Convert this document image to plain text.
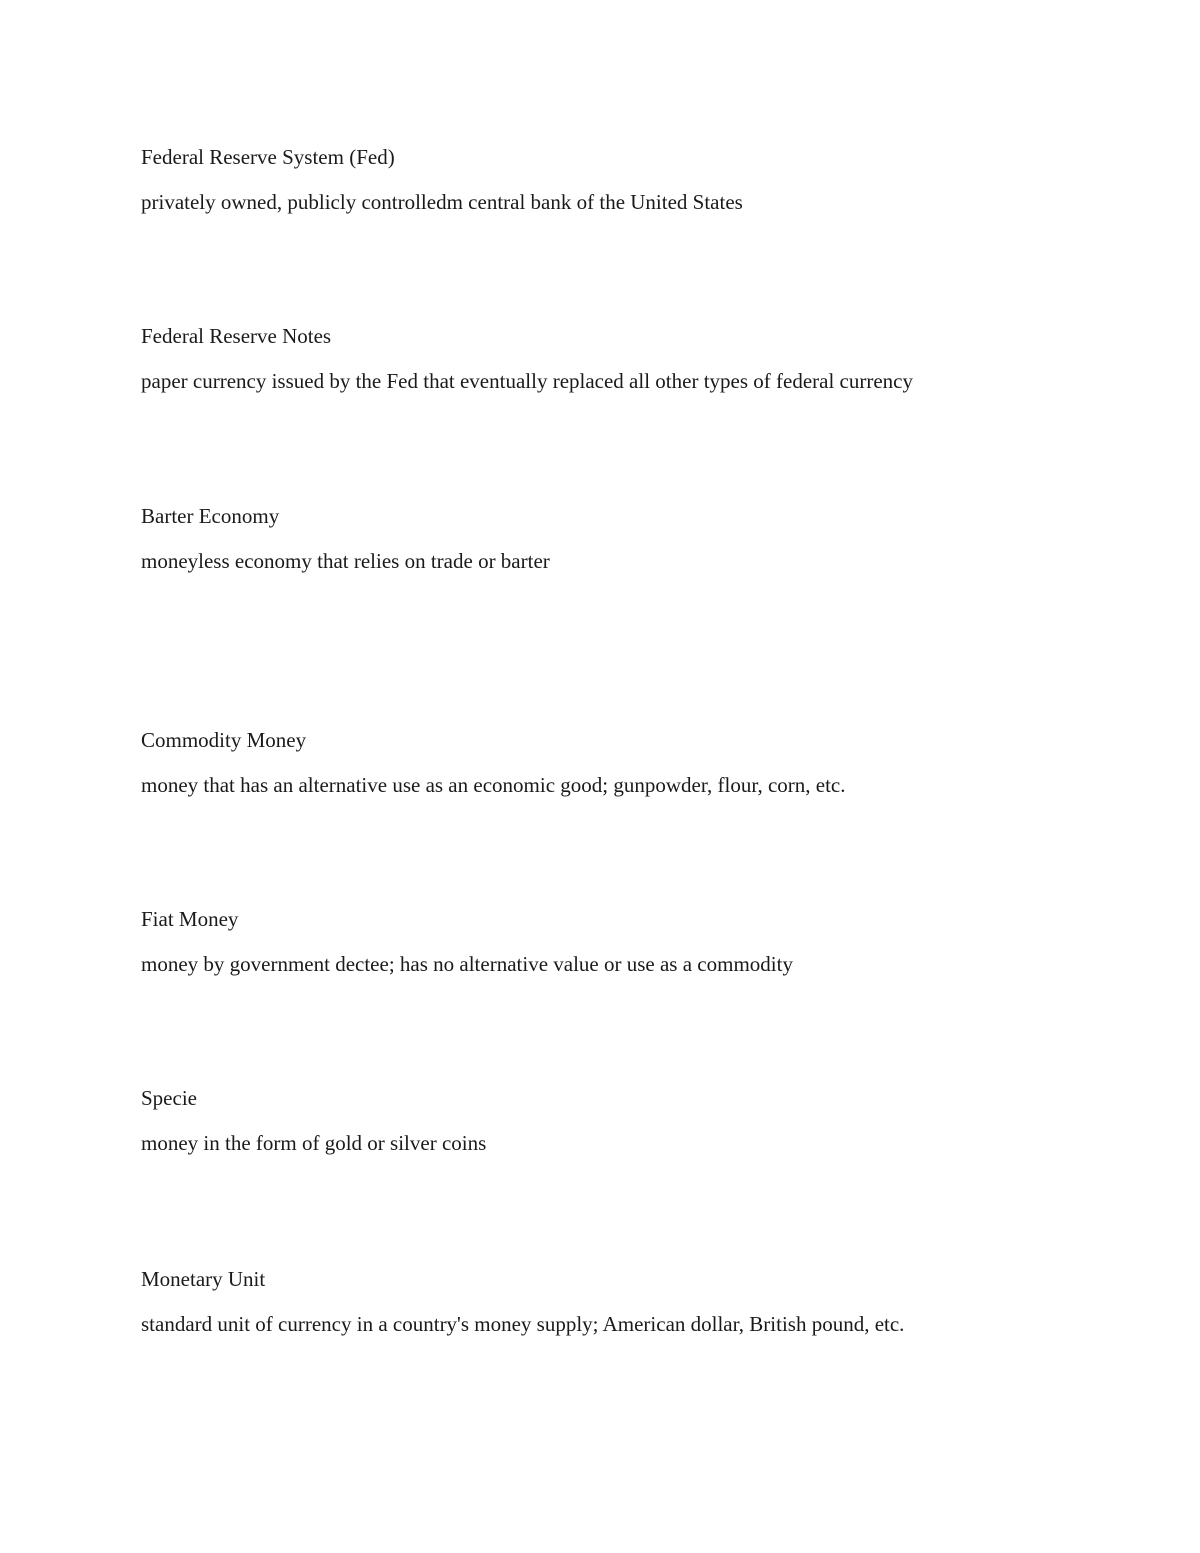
Federal Reserve System (Fed)

privately owned, publicly controlledm central bank of the United States

Federal Reserve Notes

paper currency issued by the Fed that eventually replaced all other types of federal currency

Barter Economy

moneyless economy that relies on trade or barter

Commodity Money

money that has an alternative use as an economic good; gunpowder, flour, corn, etc.

Fiat Money

money by government dectee; has no alternative value or use as a commodity

Specie

money in the form of gold or silver coins

Monetary Unit

standard unit of currency in a country's money supply; American dollar, British pound, etc.
